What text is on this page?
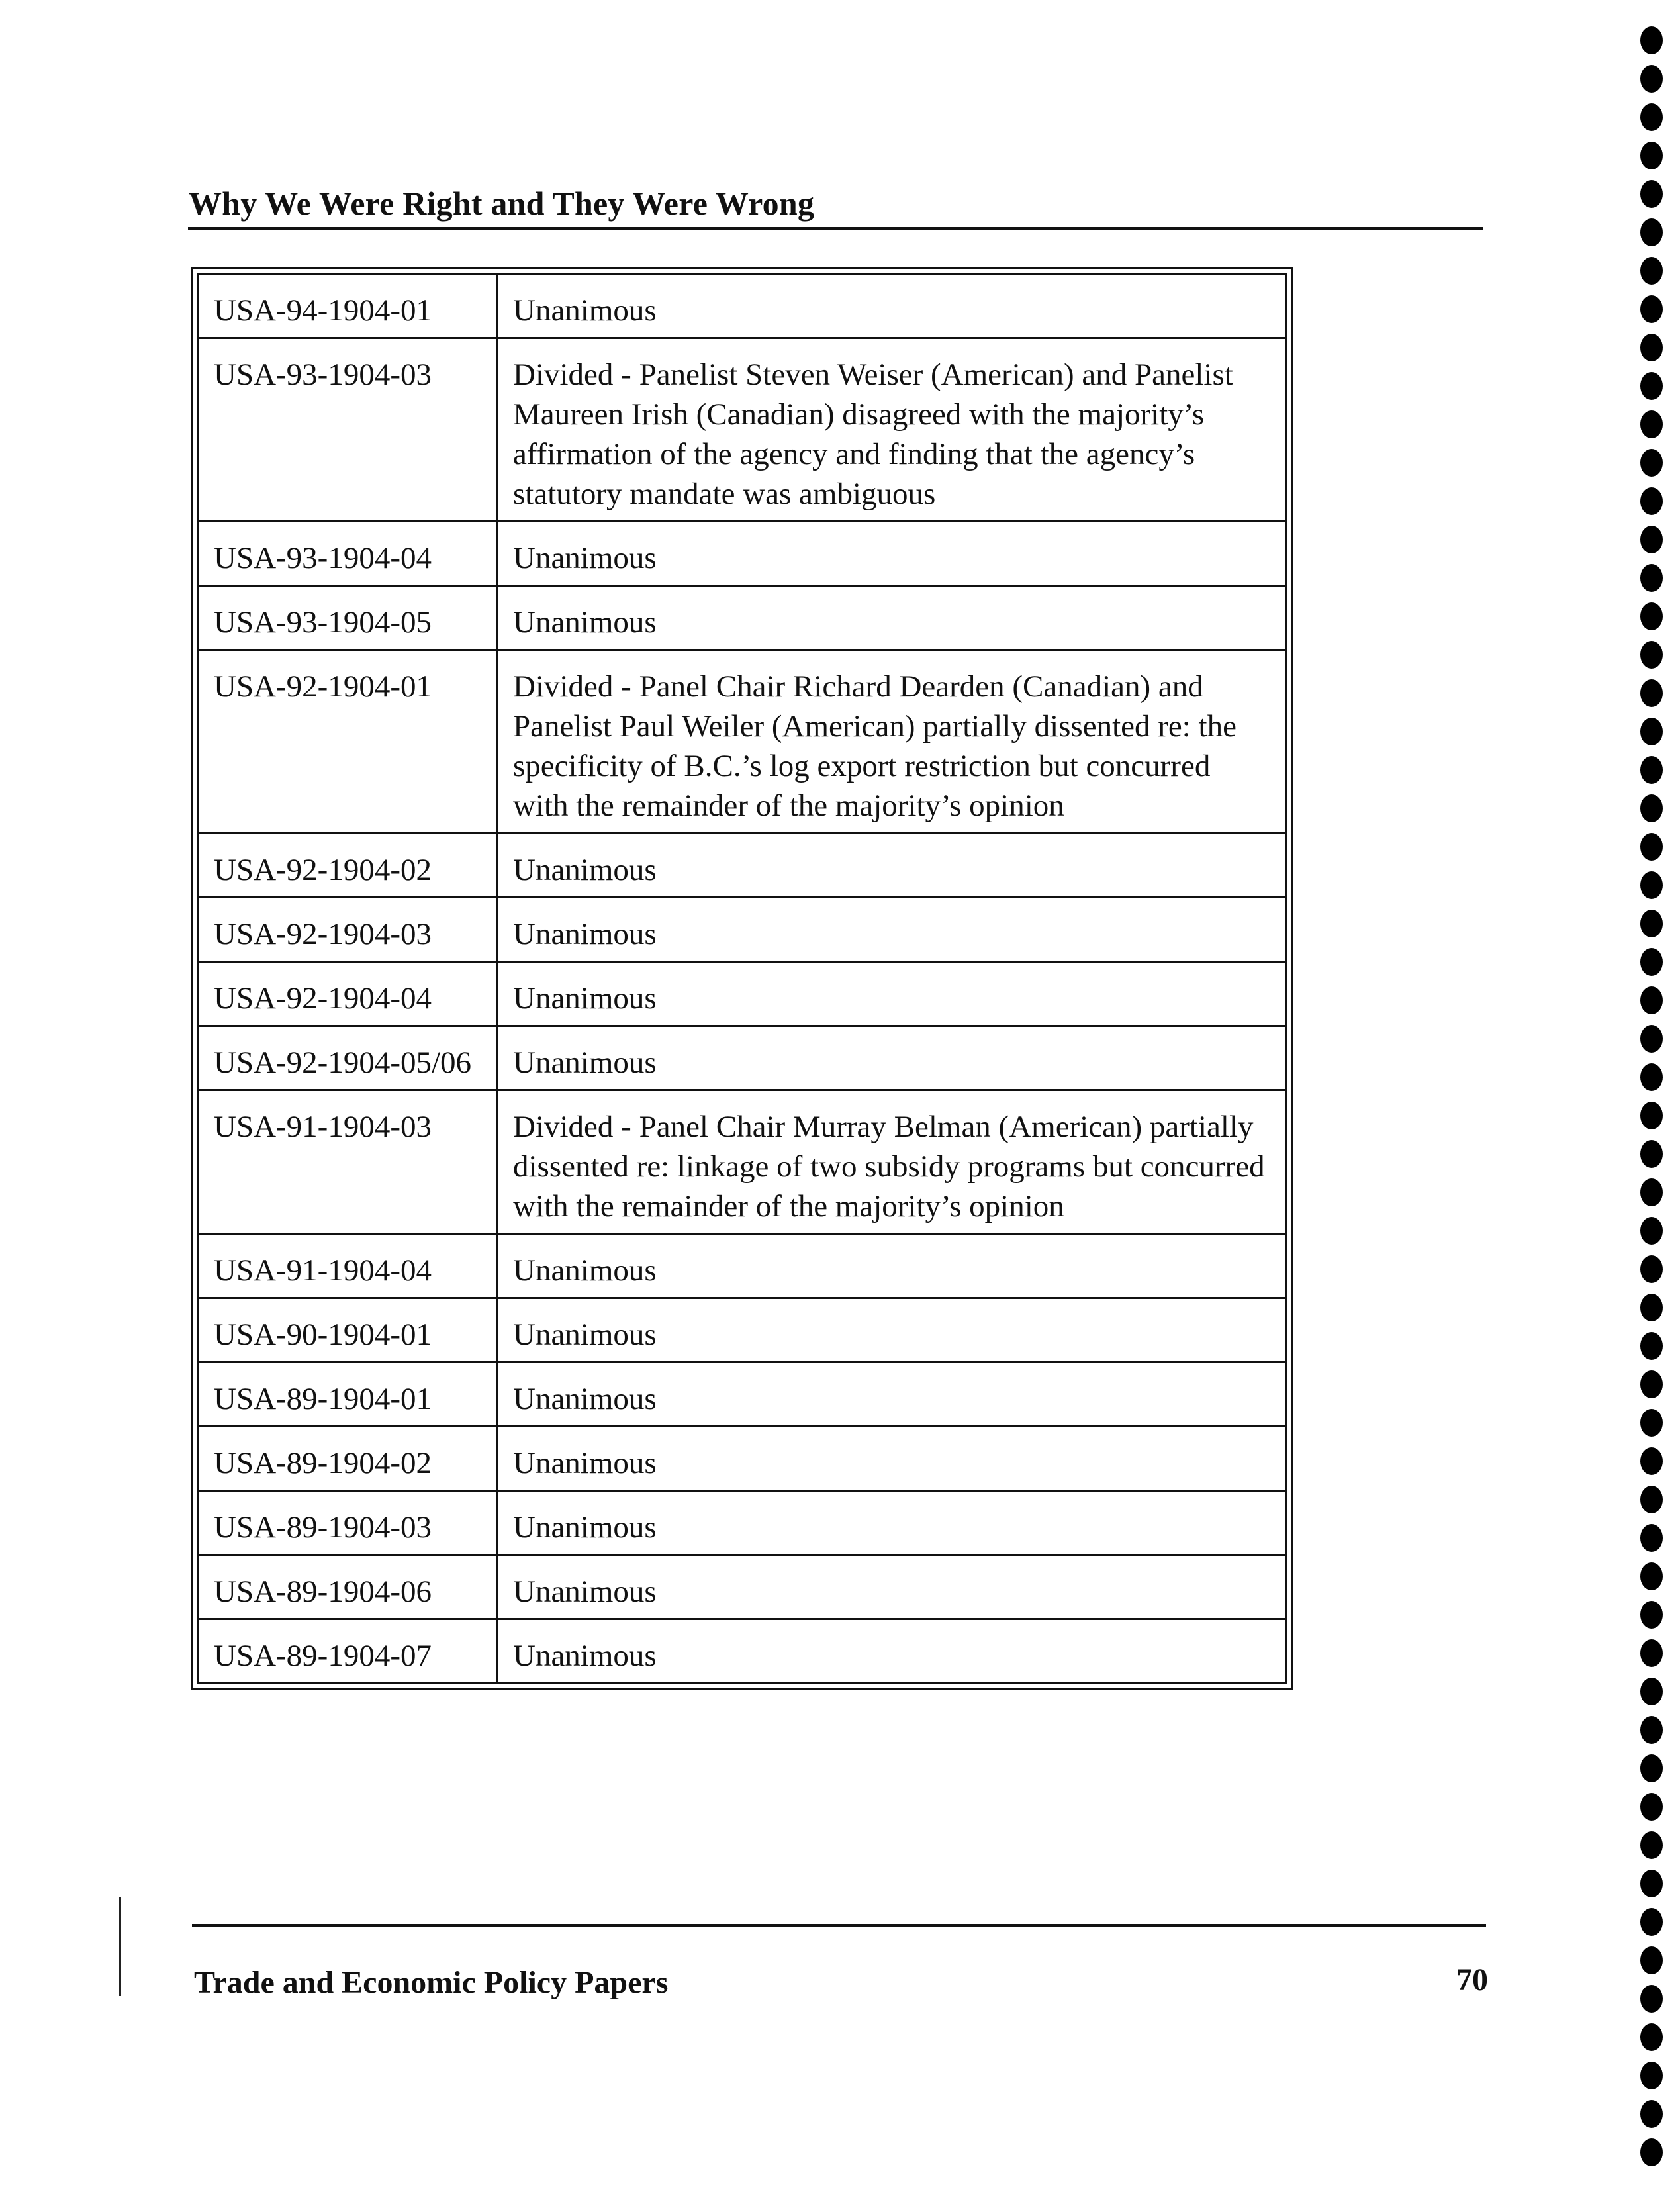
Why We Were Right and They Were Wrong
USA-94-1904-01	Unanimous
USA-93-1904-03	Divided - Panelist Steven Weiser (American) and Panelist Maureen Irish (Canadian) disagreed with the majority’s affirmation of the agency and finding that the agency’s statutory mandate was ambiguous
USA-93-1904-04	Unanimous
USA-93-1904-05	Unanimous
USA-92-1904-01	Divided - Panel Chair Richard Dearden (Canadian) and Panelist Paul Weiler (American) partially dissented re: the specificity of B.C.’s log export restriction but concurred with the remainder of the majority’s opinion
USA-92-1904-02	Unanimous
USA-92-1904-03	Unanimous
USA-92-1904-04	Unanimous
USA-92-1904-05/06	Unanimous
USA-91-1904-03	Divided - Panel Chair Murray Belman (American) partially dissented re: linkage of two subsidy programs but concurred with the remainder of the majority’s opinion
USA-91-1904-04	Unanimous
USA-90-1904-01	Unanimous
USA-89-1904-01	Unanimous
USA-89-1904-02	Unanimous
USA-89-1904-03	Unanimous
USA-89-1904-06	Unanimous
USA-89-1904-07	Unanimous
Trade and Economic Policy Papers	70
